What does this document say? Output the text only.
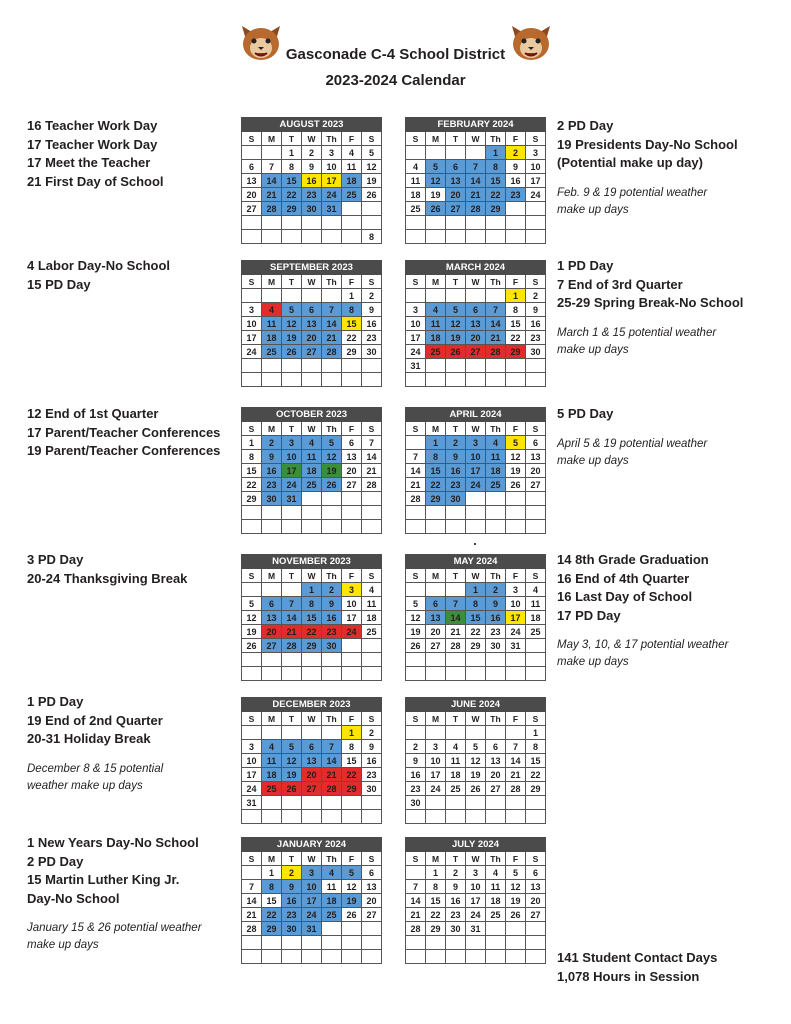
Gasconade C-4 School District
2023-2024 Calendar
AUGUST 2023						
S	M	T	W	Th	F	S
		1	2	3	4	5
6	7	8	9	10	11	12
13	14	15	16	17	18	19
20	21	22	23	24	25	26
27	28	29	30	31		

						8
FEBRUARY 2024						
S	M	T	W	Th	F	S
				1	2	3
4	5	6	7	8	9	10
11	12	13	14	15	16	17
18	19	20	21	22	23	24
25	26	27	28	29		

SEPTEMBER 2023						
S	M	T	W	Th	F	S
					1	2
3	4	5	6	7	8	9
10	11	12	13	14	15	16
17	18	19	20	21	22	23
24	25	26	27	28	29	30

MARCH 2024						
S	M	T	W	Th	F	S
					1	2
3	4	5	6	7	8	9
10	11	12	13	14	15	16
17	18	19	20	21	22	23
24	25	26	27	28	29	30
31						

OCTOBER 2023						
S	M	T	W	Th	F	S
1	2	3	4	5	6	7
8	9	10	11	12	13	14
15	16	17	18	19	20	21
22	23	24	25	26	27	28
29	30	31				

APRIL 2024						
S	M	T	W	Th	F	S
	1	2	3	4	5	6
7	8	9	10	11	12	13
14	15	16	17	18	19	20
21	22	23	24	25	26	27
28	29	30				

NOVEMBER 2023						
S	M	T	W	Th	F	S
			1	2	3	4
5	6	7	8	9	10	11
12	13	14	15	16	17	18
19	20	21	22	23	24	25
26	27	28	29	30		

MAY 2024						
S	M	T	W	Th	F	S
			1	2	3	4
5	6	7	8	9	10	11
12	13	14	15	16	17	18
19	20	21	22	23	24	25
26	27	28	29	30	31	

DECEMBER 2023						
S	M	T	W	Th	F	S
					1	2
3	4	5	6	7	8	9
10	11	12	13	14	15	16
17	18	19	20	21	22	23
24	25	26	27	28	29	30
31						

JUNE 2024						
S	M	T	W	Th	F	S
						1
2	3	4	5	6	7	8
9	10	11	12	13	14	15
16	17	18	19	20	21	22
23	24	25	26	27	28	29
30						

JANUARY 2024						
S	M	T	W	Th	F	S
	1	2	3	4	5	6
7	8	9	10	11	12	13
14	15	16	17	18	19	20
21	22	23	24	25	26	27
28	29	30	31			

JULY 2024						
S	M	T	W	Th	F	S
	1	2	3	4	5	6
7	8	9	10	11	12	13
14	15	16	17	18	19	20
21	22	23	24	25	26	27
28	29	30	31			

16 Teacher Work Day
17 Teacher Work Day
17 Meet the Teacher
21 First Day of School
4 Labor Day-No School
15 PD Day
12 End of 1st Quarter
17 Parent/Teacher Conferences
19 Parent/Teacher Conferences
3 PD Day
20-24 Thanksgiving Break
1 PD Day
19 End of 2nd Quarter
20-31 Holiday Break
December 8 & 15 potential
weather make up days
1 New Years Day-No School
2 PD Day
15 Martin Luther King Jr.
Day-No School
January 15 & 26 potential weather
make up days
2 PD Day
19 Presidents Day-No School
(Potential make up day)
Feb. 9 & 19 potential weather
make up days
1 PD Day
7 End of 3rd Quarter
25-29 Spring Break-No School
March 1 & 15 potential weather
make up days
5 PD Day
April 5 & 19 potential weather
make up days
14 8th Grade Graduation
16 End of 4th Quarter
16 Last Day of School
17 PD Day
May 3, 10, & 17 potential weather
make up days
141 Student Contact Days
1,078 Hours in Session
